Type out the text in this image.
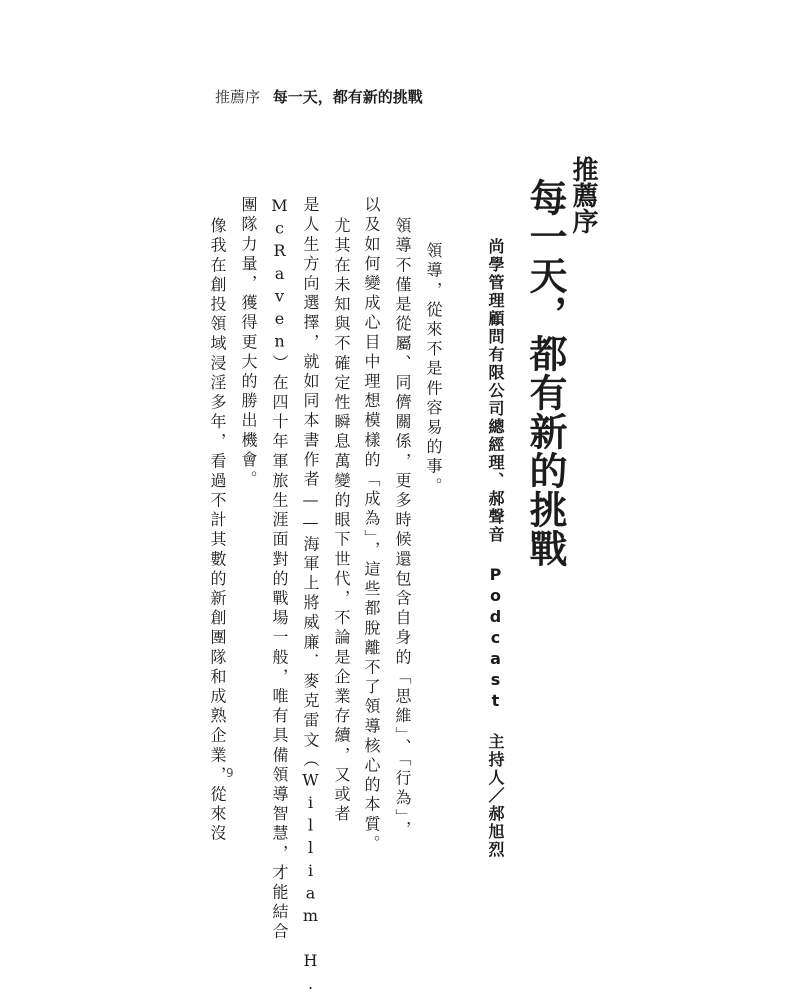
推薦序 每一天，都有新的挑戰
推薦序
每一天，都有新的挑戰
尚學管理顧問有限公司總經理、郝聲音 Podcast 主持人／郝旭烈
領導，從來不是件容易的事。
領導不僅是從屬、同儕關係，更多時候還包含自身的「思維」、「行為」，
以及如何變成心目中理想模樣的「成為」，這些都脫離不了領導核心的本質。
尤其在未知與不確定性瞬息萬變的眼下世代，不論是企業存續，又或者
是人生方向選擇，就如同本書作者——海軍上將威廉．麥克雷文（William H.
McRaven）在四十年軍旅生涯面對的戰場一般，唯有具備領導智慧，才能結合
團隊力量，獲得更大的勝出機會。
像我在創投領域浸淫多年，看過不計其數的新創團隊和成熟企業，從來沒 9
